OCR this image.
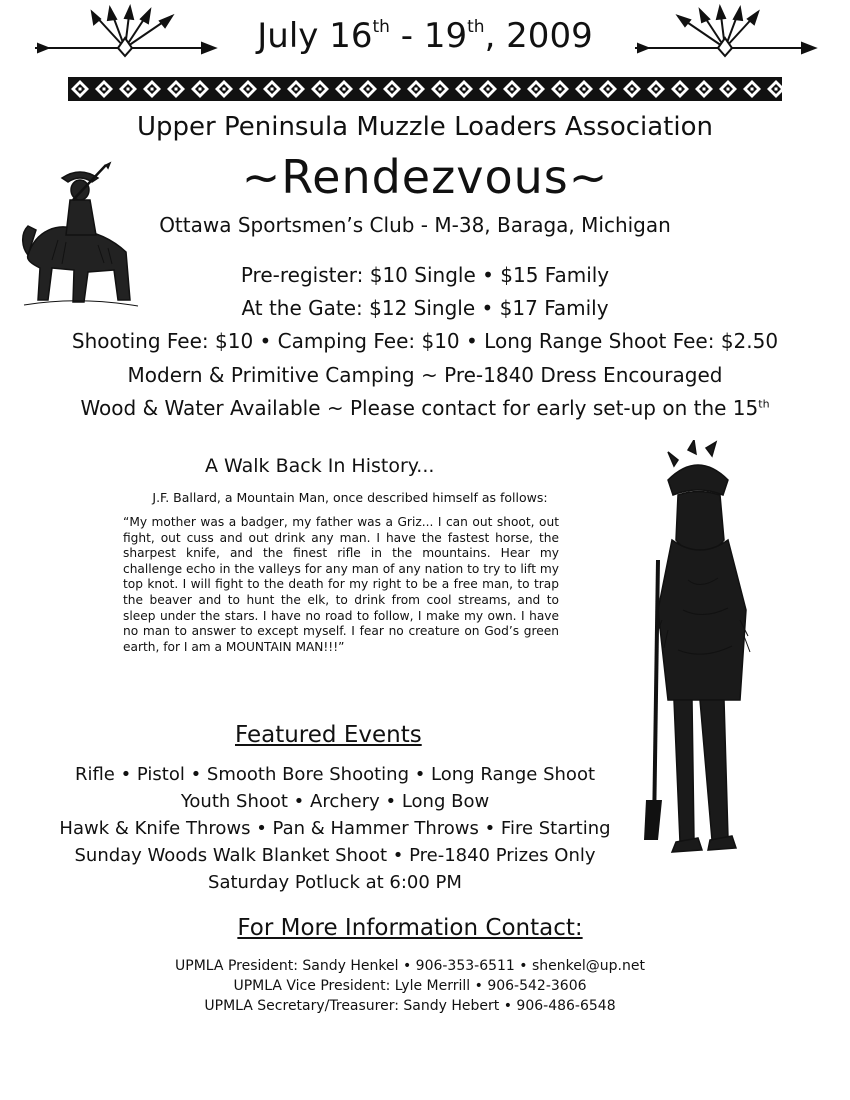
July 16th - 19th, 2009
Upper Peninsula Muzzle Loaders Association
~Rendezvous~
Ottawa Sportsmen’s Club - M-38, Baraga, Michigan
Pre-register: $10 Single • $15 Family
At the Gate: $12 Single • $17 Family
Shooting Fee: $10 • Camping Fee: $10 • Long Range Shoot Fee: $2.50
Modern & Primitive Camping ~ Pre-1840 Dress Encouraged
Wood & Water Available ~ Please contact for early set-up on the 15th
A Walk Back In History...
J.F. Ballard, a Mountain Man, once described himself as follows:
“My mother was a badger, my father was a Griz... I can out shoot, out fight, out cuss and out drink any man. I have the fastest horse, the sharpest knife, and the finest rifle in the mountains. Hear my challenge echo in the valleys for any man of any nation to try to lift my top knot. I will fight to the death for my right to be a free man, to trap the beaver and to hunt the elk, to drink from cool streams, and to sleep under the stars. I have no road to follow, I make my own. I have no man to answer to except myself. I fear no creature on God’s green earth, for I am a MOUNTAIN MAN!!!”
Featured Events
Rifle • Pistol • Smooth Bore Shooting • Long Range Shoot
Youth Shoot • Archery • Long Bow
Hawk & Knife Throws • Pan & Hammer Throws • Fire Starting
Sunday Woods Walk Blanket Shoot • Pre-1840 Prizes Only
Saturday Potluck at 6:00 PM
For More Information Contact:
UPMLA President: Sandy Henkel • 906-353-6511 • shenkel@up.net
UPMLA Vice President: Lyle Merrill • 906-542-3606
UPMLA Secretary/Treasurer: Sandy Hebert • 906-486-6548
